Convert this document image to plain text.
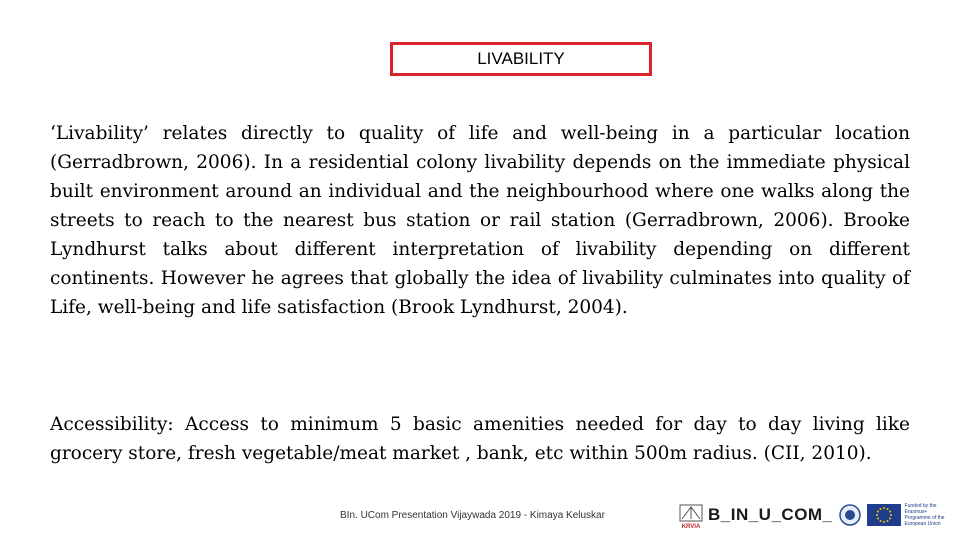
LIVABILITY

‘Livability’ relates directly to quality of life and well-being in a particular location (Gerradbrown, 2006). In a residential colony livability depends on the immediate physical built environment around an individual and the neighbourhood where one walks along the streets to reach to the nearest bus station or rail station (Gerradbrown, 2006). Brooke Lyndhurst talks about different interpretation of livability depending on different continents. However he agrees that globally the idea of livability culminates into quality of Life, well-being and life satisfaction (Brook Lyndhurst, 2004).

Accessibility: Access to minimum 5 basic amenities needed for day to day living like grocery store, fresh vegetable/meat market , bank, etc within 500m radius. (CII, 2010).

BIn. UCom Presentation Vijaywada 2019 - Kimaya Keluskar
KRVIA
B_IN_U_COM_	Funded by the Erasmus+ Programme of the European Union
